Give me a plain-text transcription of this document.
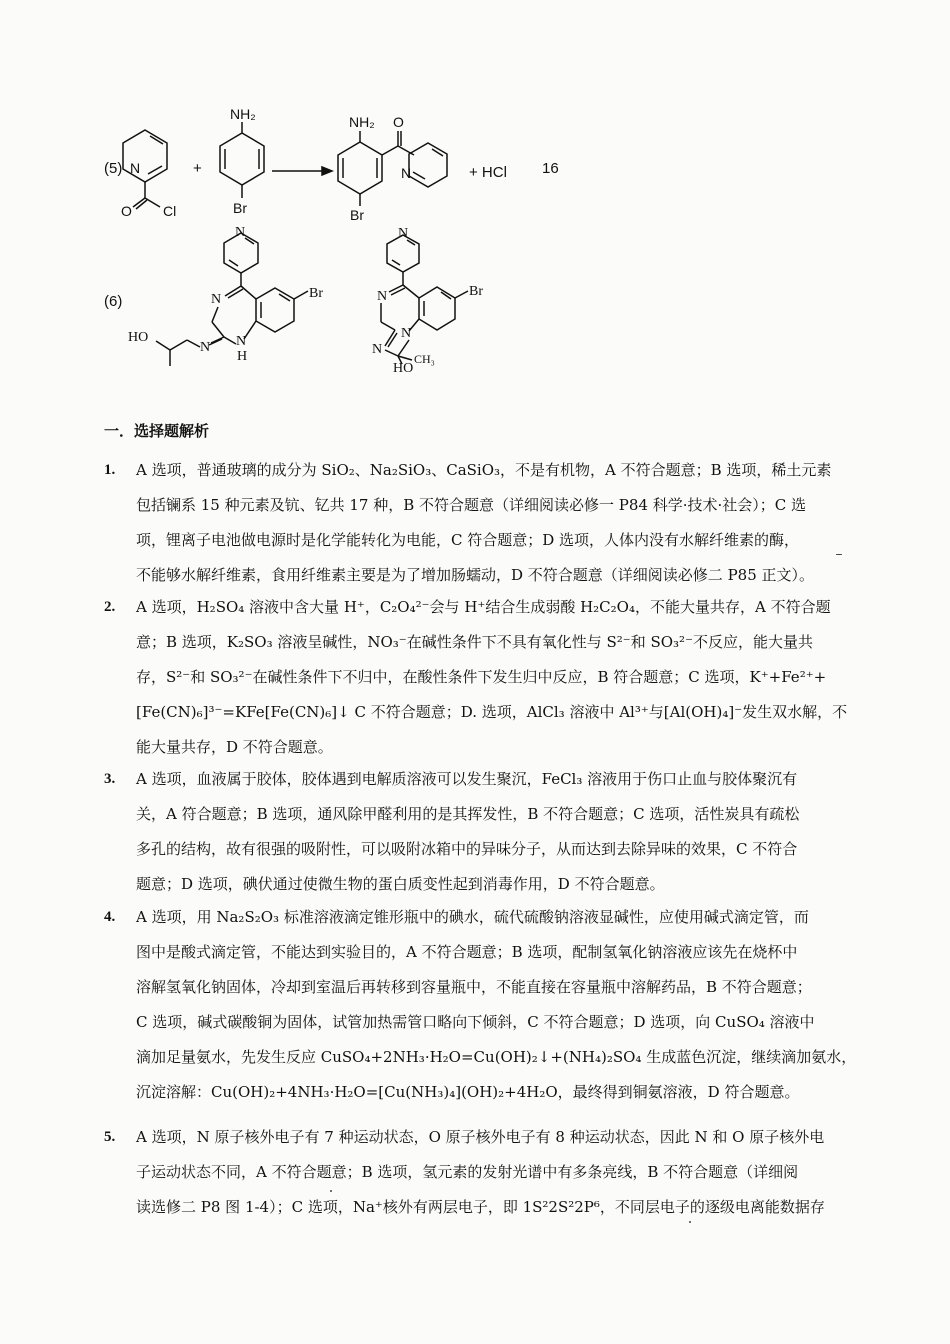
(5) N
O Cl
+
NH₂
Br
NH₂ O
N
Br
+ HCl 16
(6)
N
N
N N
H
HO
Br
N
N
N
N
HO
CH₃
Br
一．选择题解析
1.	A 选项，普通玻璃的成分为 SiO₂、Na₂SiO₃、CaSiO₃，不是有机物，A 不符合题意；B 选项，稀土元素
包括镧系 15 种元素及钪、钇共 17 种，B 不符合题意（详细阅读必修一 P84 科学·技术·社会）；C 选
项，锂离子电池做电源时是化学能转化为电能，C 符合题意；D 选项，人体内没有水解纤维素的酶，
不能够水解纤维素，食用纤维素主要是为了增加肠蠕动，D 不符合题意（详细阅读必修二 P85 正文）。
2.	A 选项，H₂SO₄ 溶液中含大量 H⁺，C₂O₄²⁻会与 H⁺结合生成弱酸 H₂C₂O₄，不能大量共存，A 不符合题
意；B 选项，K₂SO₃ 溶液呈碱性，NO₃⁻在碱性条件下不具有氧化性与 S²⁻和 SO₃²⁻不反应，能大量共
存，S²⁻和 SO₃²⁻在碱性条件下不归中，在酸性条件下发生归中反应，B 符合题意；C 选项，K⁺+Fe²⁺+
[Fe(CN)₆]³⁻=KFe[Fe(CN)₆]↓ C 不符合题意；D. 选项，AlCl₃ 溶液中 Al³⁺与[Al(OH)₄]⁻发生双水解，不
能大量共存，D 不符合题意。
3.	A 选项，血液属于胶体，胶体遇到电解质溶液可以发生聚沉，FeCl₃ 溶液用于伤口止血与胶体聚沉有
关，A 符合题意；B 选项，通风除甲醛利用的是其挥发性，B 不符合题意；C 选项，活性炭具有疏松
多孔的结构，故有很强的吸附性，可以吸附冰箱中的异味分子，从而达到去除异味的效果，C 不符合
题意；D 选项，碘伏通过使微生物的蛋白质变性起到消毒作用，D 不符合题意。
4.	A 选项，用 Na₂S₂O₃ 标准溶液滴定锥形瓶中的碘水，硫代硫酸钠溶液显碱性，应使用碱式滴定管，而
图中是酸式滴定管，不能达到实验目的，A 不符合题意；B 选项，配制氢氧化钠溶液应该先在烧杯中
溶解氢氧化钠固体，冷却到室温后再转移到容量瓶中，不能直接在容量瓶中溶解药品，B 不符合题意；
C 选项，碱式碳酸铜为固体，试管加热需管口略向下倾斜，C 不符合题意；D 选项，向 CuSO₄ 溶液中
滴加足量氨水，先发生反应 CuSO₄+2NH₃·H₂O=Cu(OH)₂↓+(NH₄)₂SO₄ 生成蓝色沉淀，继续滴加氨水，
沉淀溶解：Cu(OH)₂+4NH₃·H₂O=[Cu(NH₃)₄](OH)₂+4H₂O，最终得到铜氨溶液，D 符合题意。
5.	A 选项，N 原子核外电子有 7 种运动状态，O 原子核外电子有 8 种运动状态，因此 N 和 O 原子核外电
子运动状态不同，A 不符合题意；B 选项，氢元素的发射光谱中有多条亮线，B 不符合题意（详细阅
读选修二 P8 图 1-4）；C 选项，Na⁺核外有两层电子，即 1S²2S²2P⁶，不同层电子的逐级电离能数据存
